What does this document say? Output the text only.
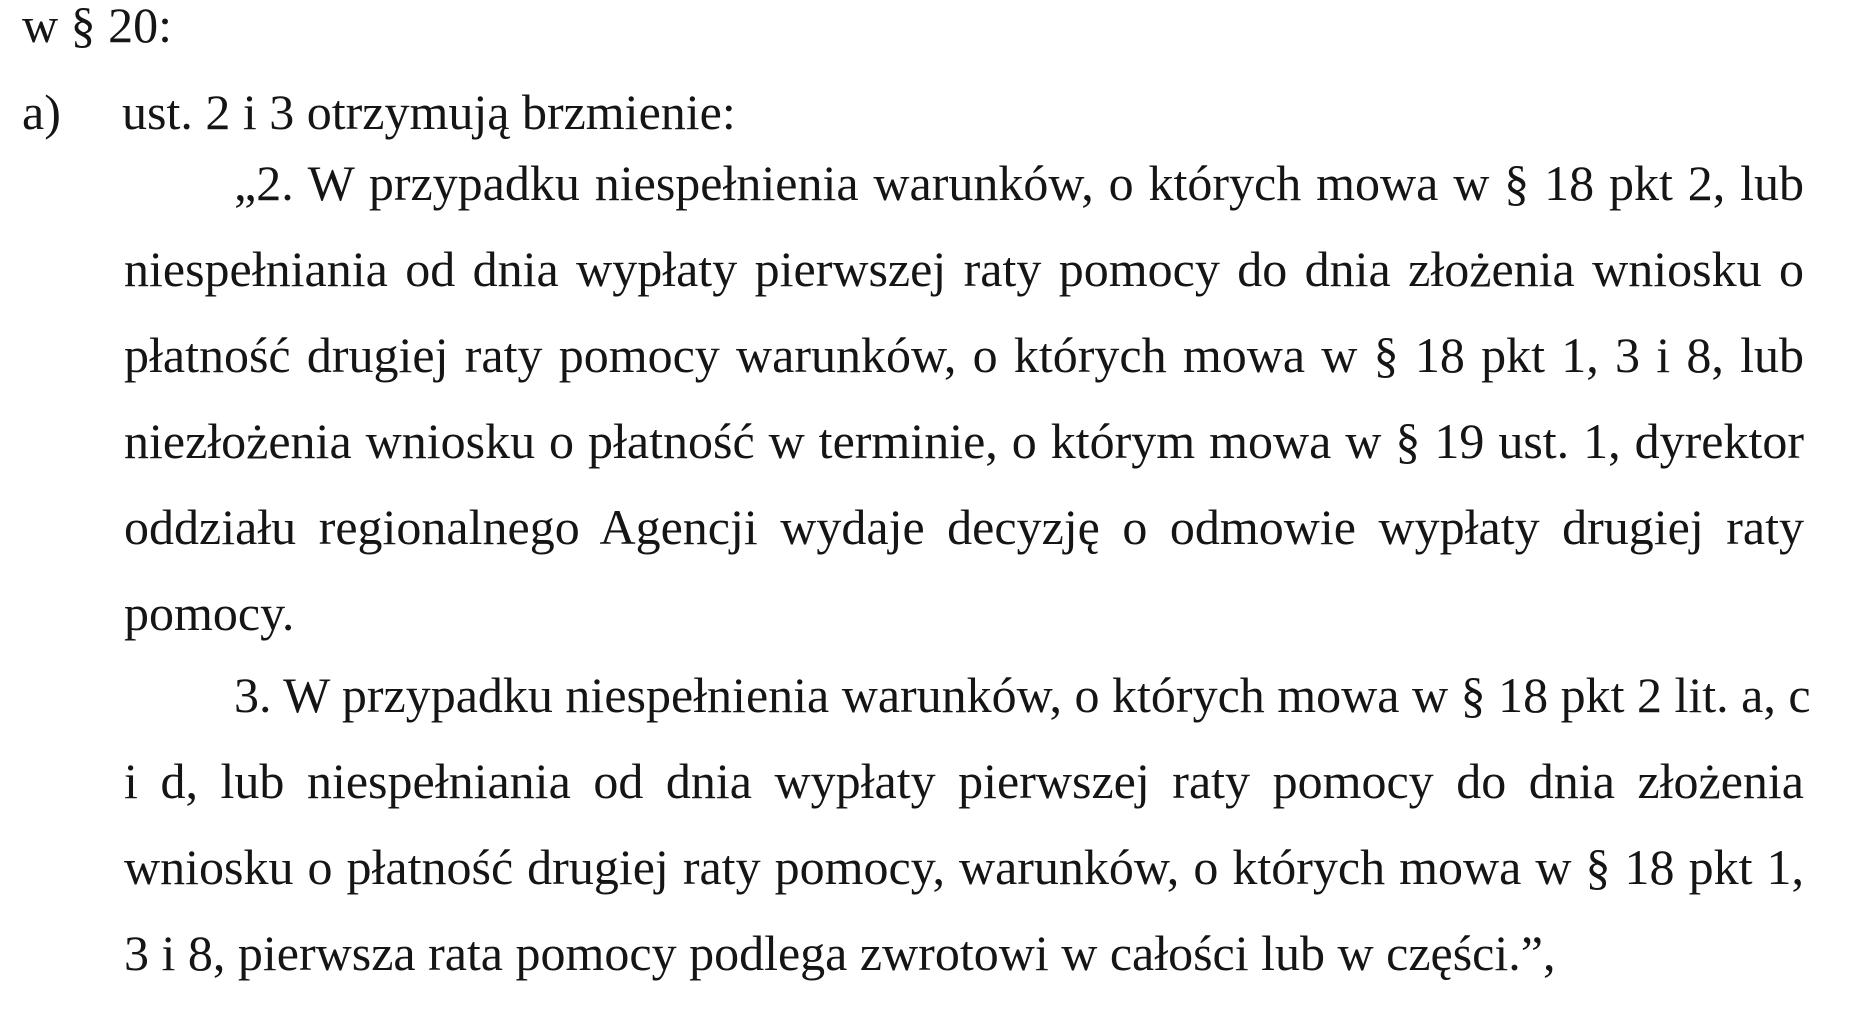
w § 20:
a) ust. 2 i 3 otrzymują brzmienie:
„2. W przypadku niespełnienia warunków, o których mowa w § 18 pkt 2, lub
niespełniania od dnia wypłaty pierwszej raty pomocy do dnia złożenia wniosku o
płatność drugiej raty pomocy warunków, o których mowa w § 18 pkt 1, 3 i 8, lub
niezłożenia wniosku o płatność w terminie, o którym mowa w § 19 ust. 1, dyrektor
oddziału regionalnego Agencji wydaje decyzję o odmowie wypłaty drugiej raty
pomocy.
3. W przypadku niespełnienia warunków, o których mowa w § 18 pkt 2 lit. a, c
i d, lub niespełniania od dnia wypłaty pierwszej raty pomocy do dnia złożenia
wniosku o płatność drugiej raty pomocy, warunków, o których mowa w § 18 pkt 1,
3 i 8, pierwsza rata pomocy podlega zwrotowi w całości lub w części.”,
